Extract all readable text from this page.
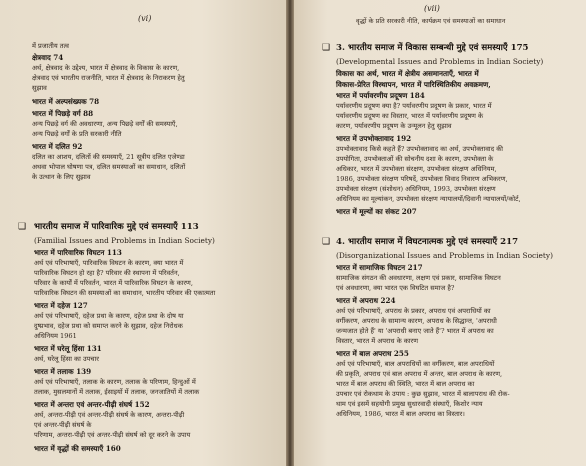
(vi)
❑
में प्रजातीय तत्व
क्षेत्रवाद 74
अर्थ, क्षेत्रवाद के उद्देश्य, भारत में क्षेत्रवाद के विकास के कारण,
क्षेत्रवाद एवं भारतीय राजनीति, भारत में क्षेत्रवाद के निराकरण हेतु
सुझाव
भारत में अल्पसंख्यक 78
भारत में पिछड़े वर्ग 88
अन्य पिछड़े वर्ग की अवधारणा, अन्य पिछड़े वर्गों की समस्याएँ,
अन्य पिछड़े वर्गों के प्रति सरकारी नीति
भारत में दलित 92
दलित का आशय, दलितों की समस्याएँ, 21 सूत्रीय दलित एजेण्डा
अथवा भोपाल घोषणा पत्र, दलित समस्याओं का समाधान, दलितों
के उत्थान के लिए सुझाव
भारतीय समाज में पारिवारिक मुद्दे एवं समस्याएँ 113
(Familial Issues and Problems in Indian Society)
भारत में पारिवारिक विघटन 113
अर्थ एवं परिभाषाएँ, पारिवारिक विघटन के कारण, क्या भारत में
पारिवारिक विघटन हो रहा है? परिवार की स्थापना में परिवर्तन,
परिवार के कार्यों में परिवर्तन, भारत में पारिवारिक विघटन के कारण,
पारिवारिक विघटन की समस्याओं का समाधान, भारतीय परिवार की एकात्मता
भारत में दहेज 127
अर्थ एवं परिभाषाएँ, दहेज प्रथा के कारण, दहेज प्रथा के दोष या
दुष्प्रभाव, दहेज प्रथा को समाप्त करने के सुझाव, दहेज निरोधक
अधिनियम 1961
भारत में घरेलू हिंसा 131
अर्थ, घरेलू हिंसा का उपचार
भारत में तलाक 139
अर्थ एवं परिभाषाएँ, तलाक के कारण, तलाक के परिणाम, हिन्दुओं में
तलाक, मुसलमानों में तलाक, ईसाइयों में तलाक, जनजातियों में तलाक
भारत में अन्तरा एवं अन्तर-पीढ़ी संघर्ष 152
अर्थ, अन्तरा-पीढ़ी एवं अन्तर-पीढ़ी संघर्ष के कारण, अन्तरा-पीढ़ी
एवं अन्तर-पीढ़ी संघर्ष के
परिणाम, अन्तरा-पीढ़ी एवं अन्तर-पीढ़ी संघर्ष को दूर करने के उपाय
भारत में वृद्धों की समस्याएँ 160
(vii)
वृद्धों के प्रति सरकारी नीति, कार्यक्रम एवं समस्याओं का समाधान
❑
❑
3. भारतीय समाज में विकास सम्बन्धी मुद्दे एवं समस्याएँ 175
(Developmental Issues and Problems in Indian Society)
विकास का अर्थ, भारत में क्षेत्रीय असमानताएँ, भारत में
विकास-प्रेरित विस्थापन, भारत में पारिस्थितिकीय अवक्रमण,
भारत में पर्यावरणीय प्रदूषण 184
पर्यावरणीय प्रदूषण क्या है? पर्यावरणीय प्रदूषण के प्रकार, भारत में
पर्यावरणीय प्रदूषण का विस्तार, भारत में पर्यावरणीय प्रदूषण के
कारण, पर्यावरणीय प्रदूषण के उन्मूलन हेतु सुझाव
भारत में उपभोक्तावाद 192
उपभोक्तावाद किसे कहते हैं? उपभोक्तावाद का अर्थ, उपभोक्तावाद की
उपयोगिता, उपभोक्ताओं की सोचनीय दशा के कारण, उपभोक्ता के
अधिकार, भारत में उपभोक्ता संरक्षण, उपभोक्ता संरक्षण अधिनियम,
1986, उपभोक्ता संरक्षण परिषदें, उपभोक्ता विवाद निवारण अभिकरण,
उपभोक्ता संरक्षण (संशोधन) अधिनियम, 1993, उपभोक्ता संरक्षण
अधिनियम का मूल्यांकन, उपभोक्ता संरक्षण न्यायालयों/दिवानी न्यायालयों/कोर्ट,
भारत में मूल्यों का संकट 207
4. भारतीय समाज में विघटनात्मक मुद्दे एवं समस्याएँ 217
(Disorganizational Issues and Problems in Indian Society)
भारत में सामाजिक विघटन 217
सामाजिक संगठन की अवधारणा, लक्षण एवं प्रकार, सामाजिक विघटन
एवं अवधारणा, क्या भारत एक विघटित समाज है?
भारत में अपराध 224
अर्थ एवं परिभाषाएँ, अपराध के प्रकार, अपराध एवं अपराधियों का
वर्गीकरण, अपराध के सामान्य कारण, अपराध के सिद्धान्त, 'अपराधी
जन्मजात होते हैं' या 'अपराधी बनाए जाते हैं'? भारत में अपराध का
विस्तार, भारत में अपराध के कारण
भारत में बाल अपराध 255
अर्थ एवं परिभाषाएँ, बाल अपराधियों का वर्गीकरण, बाल अपराधियों
की प्रकृति, अपराध एवं बाल अपराध में अन्तर, बाल अपराध के कारण,
भारत में बाल अपराध की स्थिति, भारत में बाल अपराध का
उपचार एवं रोकथाम के उपाय : कुछ सुझाव, भारत में बालापराध की रोक-
थाम एवं इसमें सहयोगी प्रमुख सुधारवादी संस्थाएँ, किशोर न्याय
अधिनियम, 1986, भारत में बाल अपराध का विस्तार।
